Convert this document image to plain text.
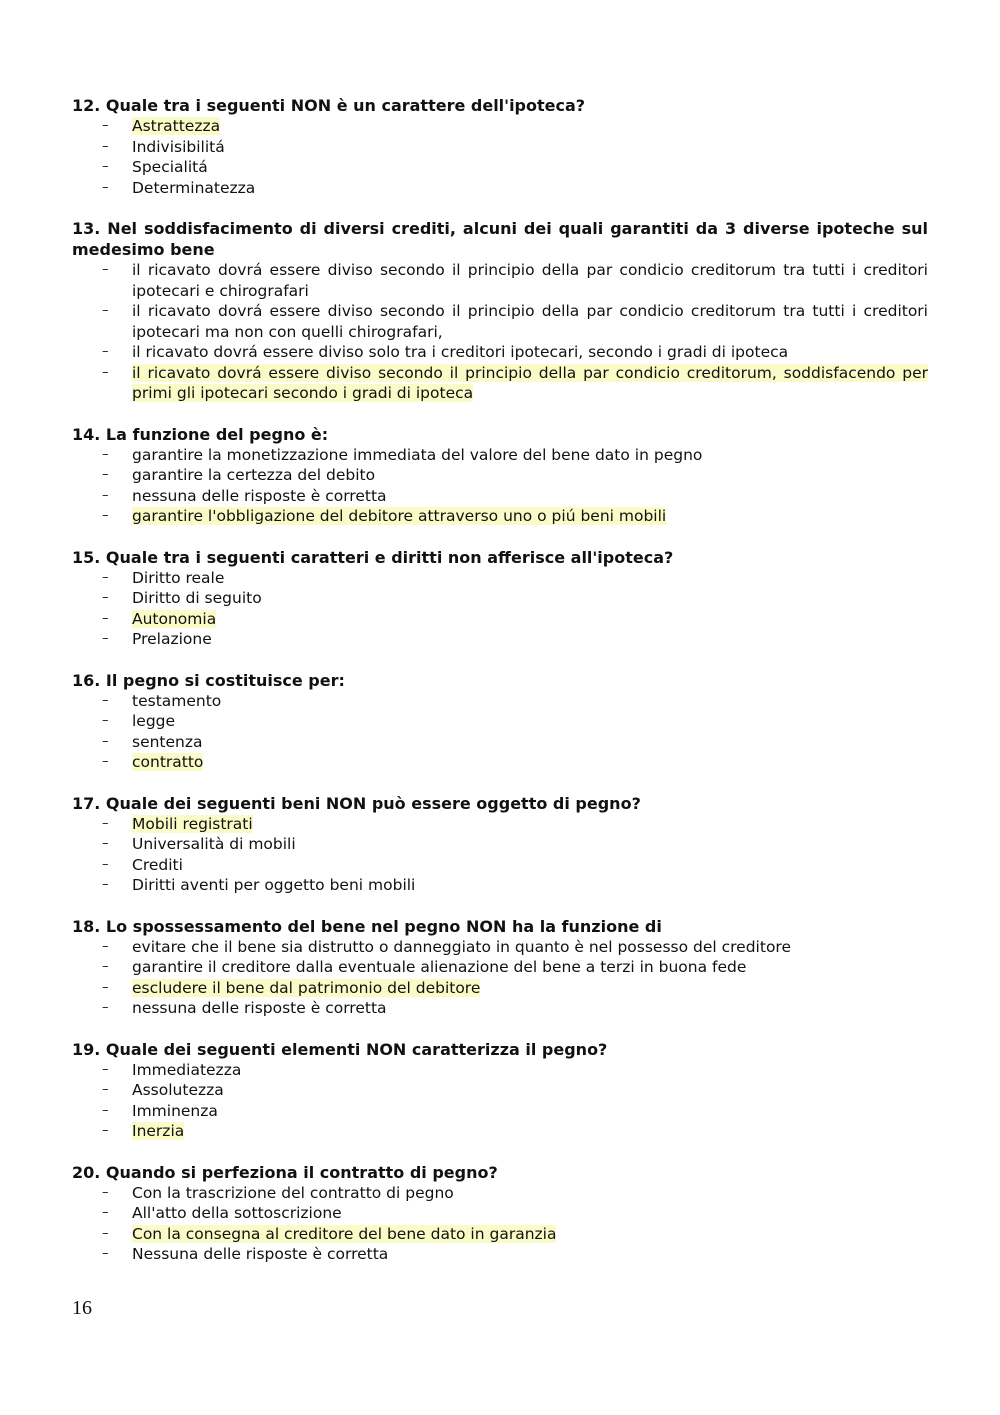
12. Quale tra i seguenti NON è un carattere dell'ipoteca?

– Astrattezza
– Indivisibilitá
– Specialitá
– Determinatezza

13. Nel soddisfacimento di diversi crediti, alcuni dei quali garantiti da 3 diverse ipoteche sul medesimo bene

– il ricavato dovrá essere diviso secondo il principio della par condicio creditorum tra tutti i creditori ipotecari e chirografari
– il ricavato dovrá essere diviso secondo il principio della par condicio creditorum tra tutti i creditori ipotecari ma non con quelli chirografari,
– il ricavato dovrá essere diviso solo tra i creditori ipotecari, secondo i gradi di ipoteca
– il ricavato dovrá essere diviso secondo il principio della par condicio creditorum, soddisfacendo per primi gli ipotecari secondo i gradi di ipoteca

14. La funzione del pegno è:

– garantire la monetizzazione immediata del valore del bene dato in pegno
– garantire la certezza del debito
– nessuna delle risposte è corretta
– garantire l'obbligazione del debitore attraverso uno o piú beni mobili

15. Quale tra i seguenti caratteri e diritti non afferisce all'ipoteca?

– Diritto reale
– Diritto di seguito
– Autonomia
– Prelazione

16. Il pegno si costituisce per:

– testamento
– legge
– sentenza
– contratto

17. Quale dei seguenti beni NON può essere oggetto di pegno?

– Mobili registrati
– Universalità di mobili
– Crediti
– Diritti aventi per oggetto beni mobili

18. Lo spossessamento del bene nel pegno NON ha la funzione di

– evitare che il bene sia distrutto o danneggiato in quanto è nel possesso del creditore
– garantire il creditore dalla eventuale alienazione del bene a terzi in buona fede
– escludere il bene dal patrimonio del debitore
– nessuna delle risposte è corretta

19. Quale dei seguenti elementi NON caratterizza il pegno?

– Immediatezza
– Assolutezza
– Imminenza
– Inerzia

20. Quando si perfeziona il contratto di pegno?

– Con la trascrizione del contratto di pegno
– All'atto della sottoscrizione
– Con la consegna al creditore del bene dato in garanzia
– Nessuna delle risposte è corretta
16
